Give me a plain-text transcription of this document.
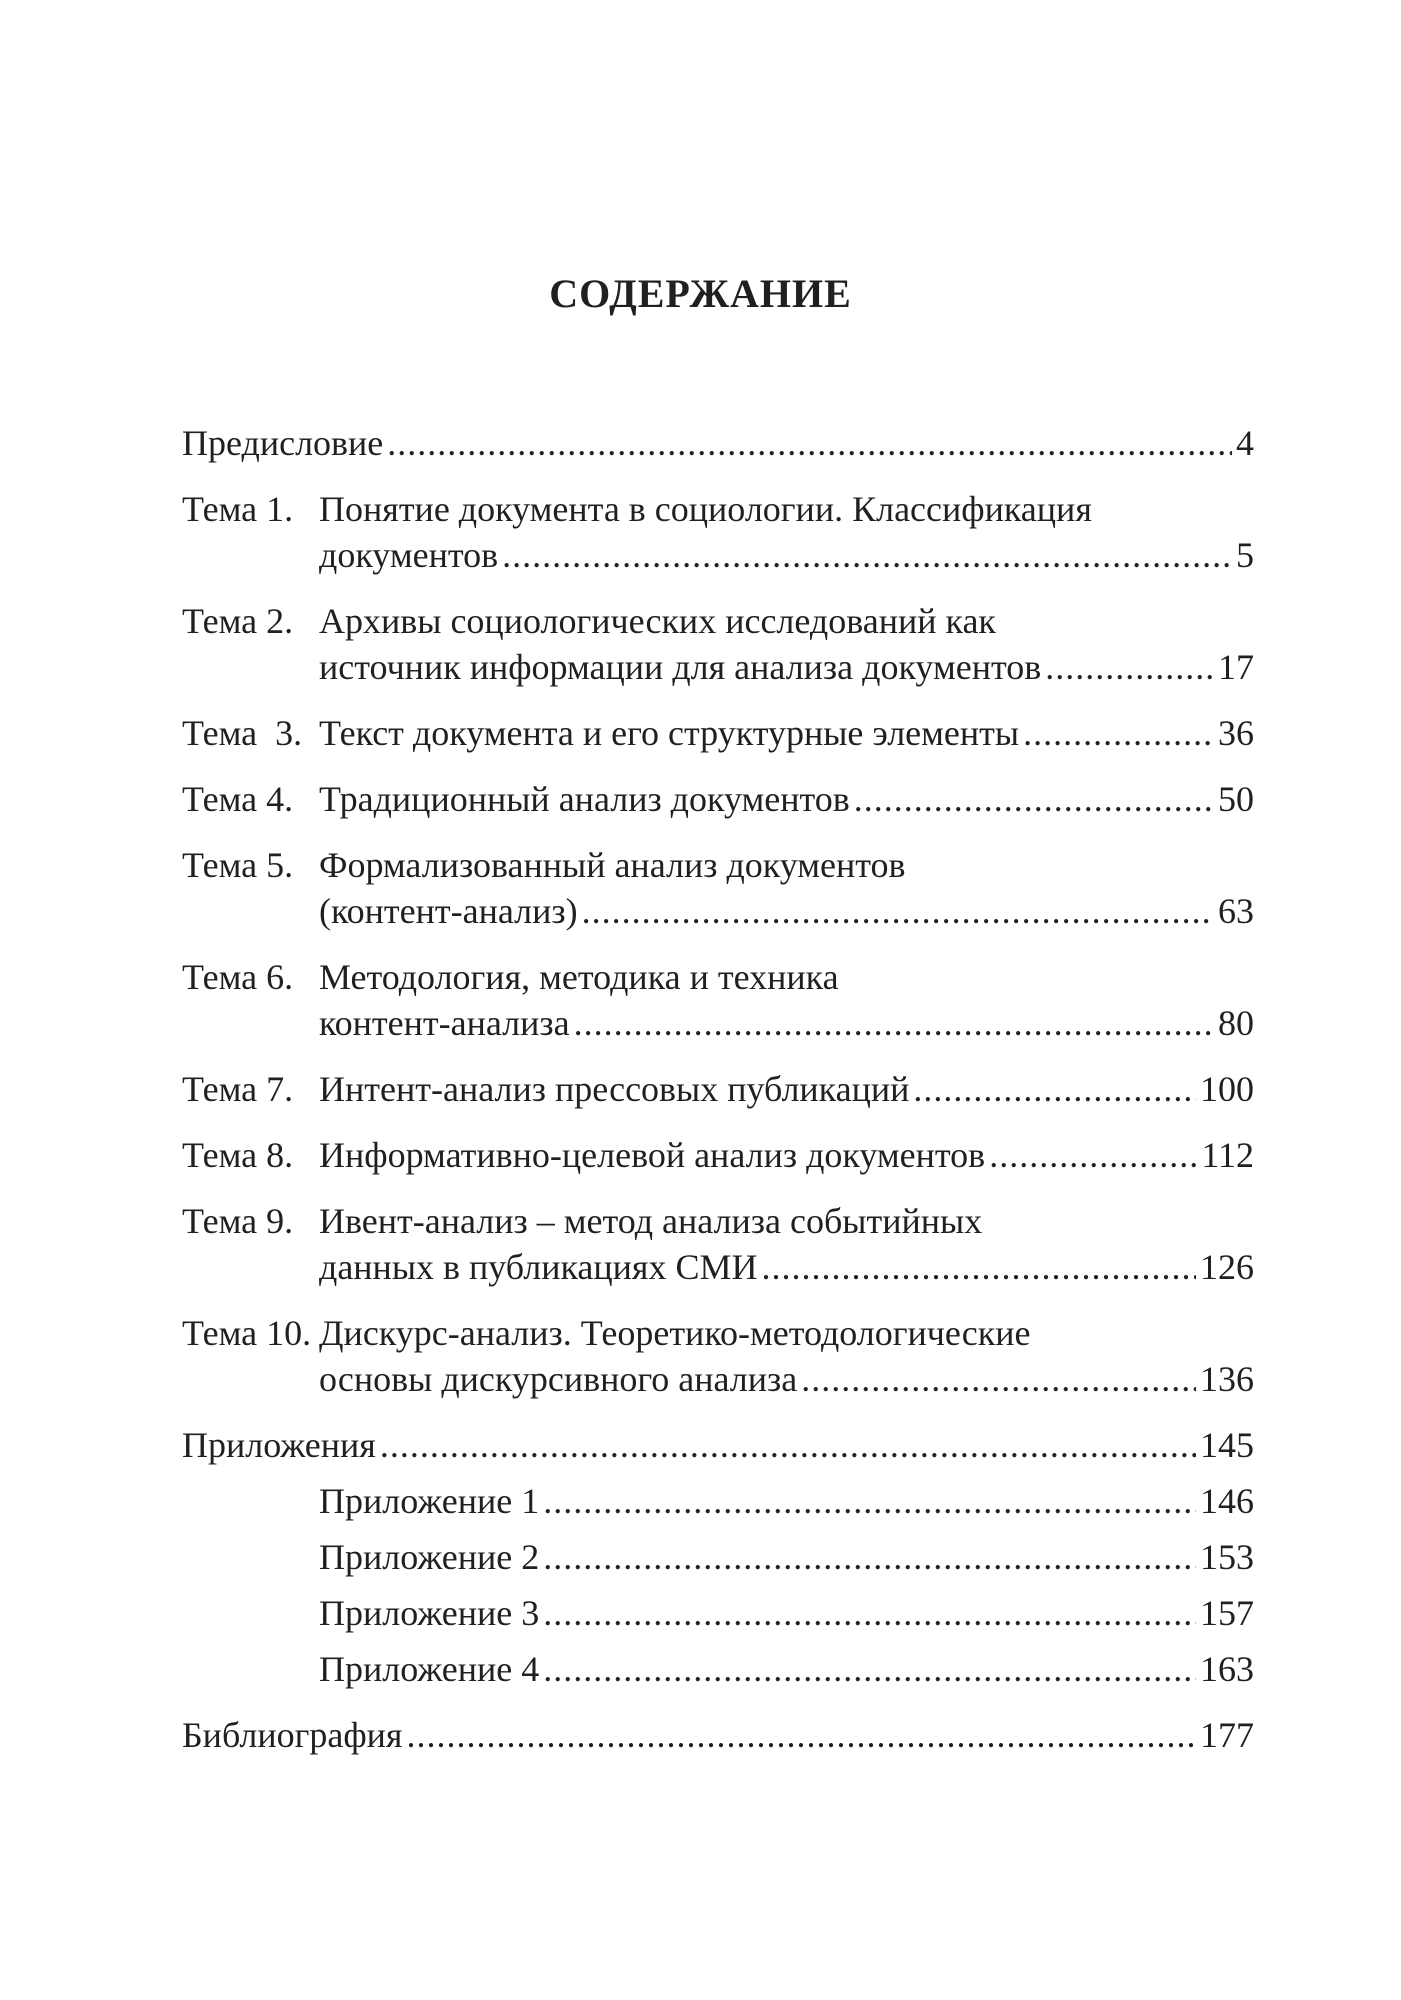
СОДЕРЖАНИЕ
Предисловие .....	4
Тема 1. Понятие документа в социологии. Классификация
документов .....	5
Тема 2. Архивы социологических исследований как
источник информации для анализа документов .....	17
Тема  3. Текст документа и его структурные элементы .....	36
Тема 4. Традиционный анализ документов .....	50
Тема 5. Формализованный анализ документов
(контент-анализ) .....	63
Тема 6. Методология, методика и техника
контент-анализа .....	80
Тема 7. Интент-анализ прессовых публикаций .....	100
Тема 8. Информативно-целевой анализ документов .....	112
Тема 9. Ивент-анализ – метод анализа событийных
данных в публикациях СМИ .....	126
Тема 10. Дискурс-анализ. Теоретико-методологические
основы дискурсивного анализа .....	136
Приложения .....	145
Приложение 1 .....	146
Приложение 2 .....	153
Приложение 3 .....	157
Приложение 4 .....	163
Библиография .....	177
